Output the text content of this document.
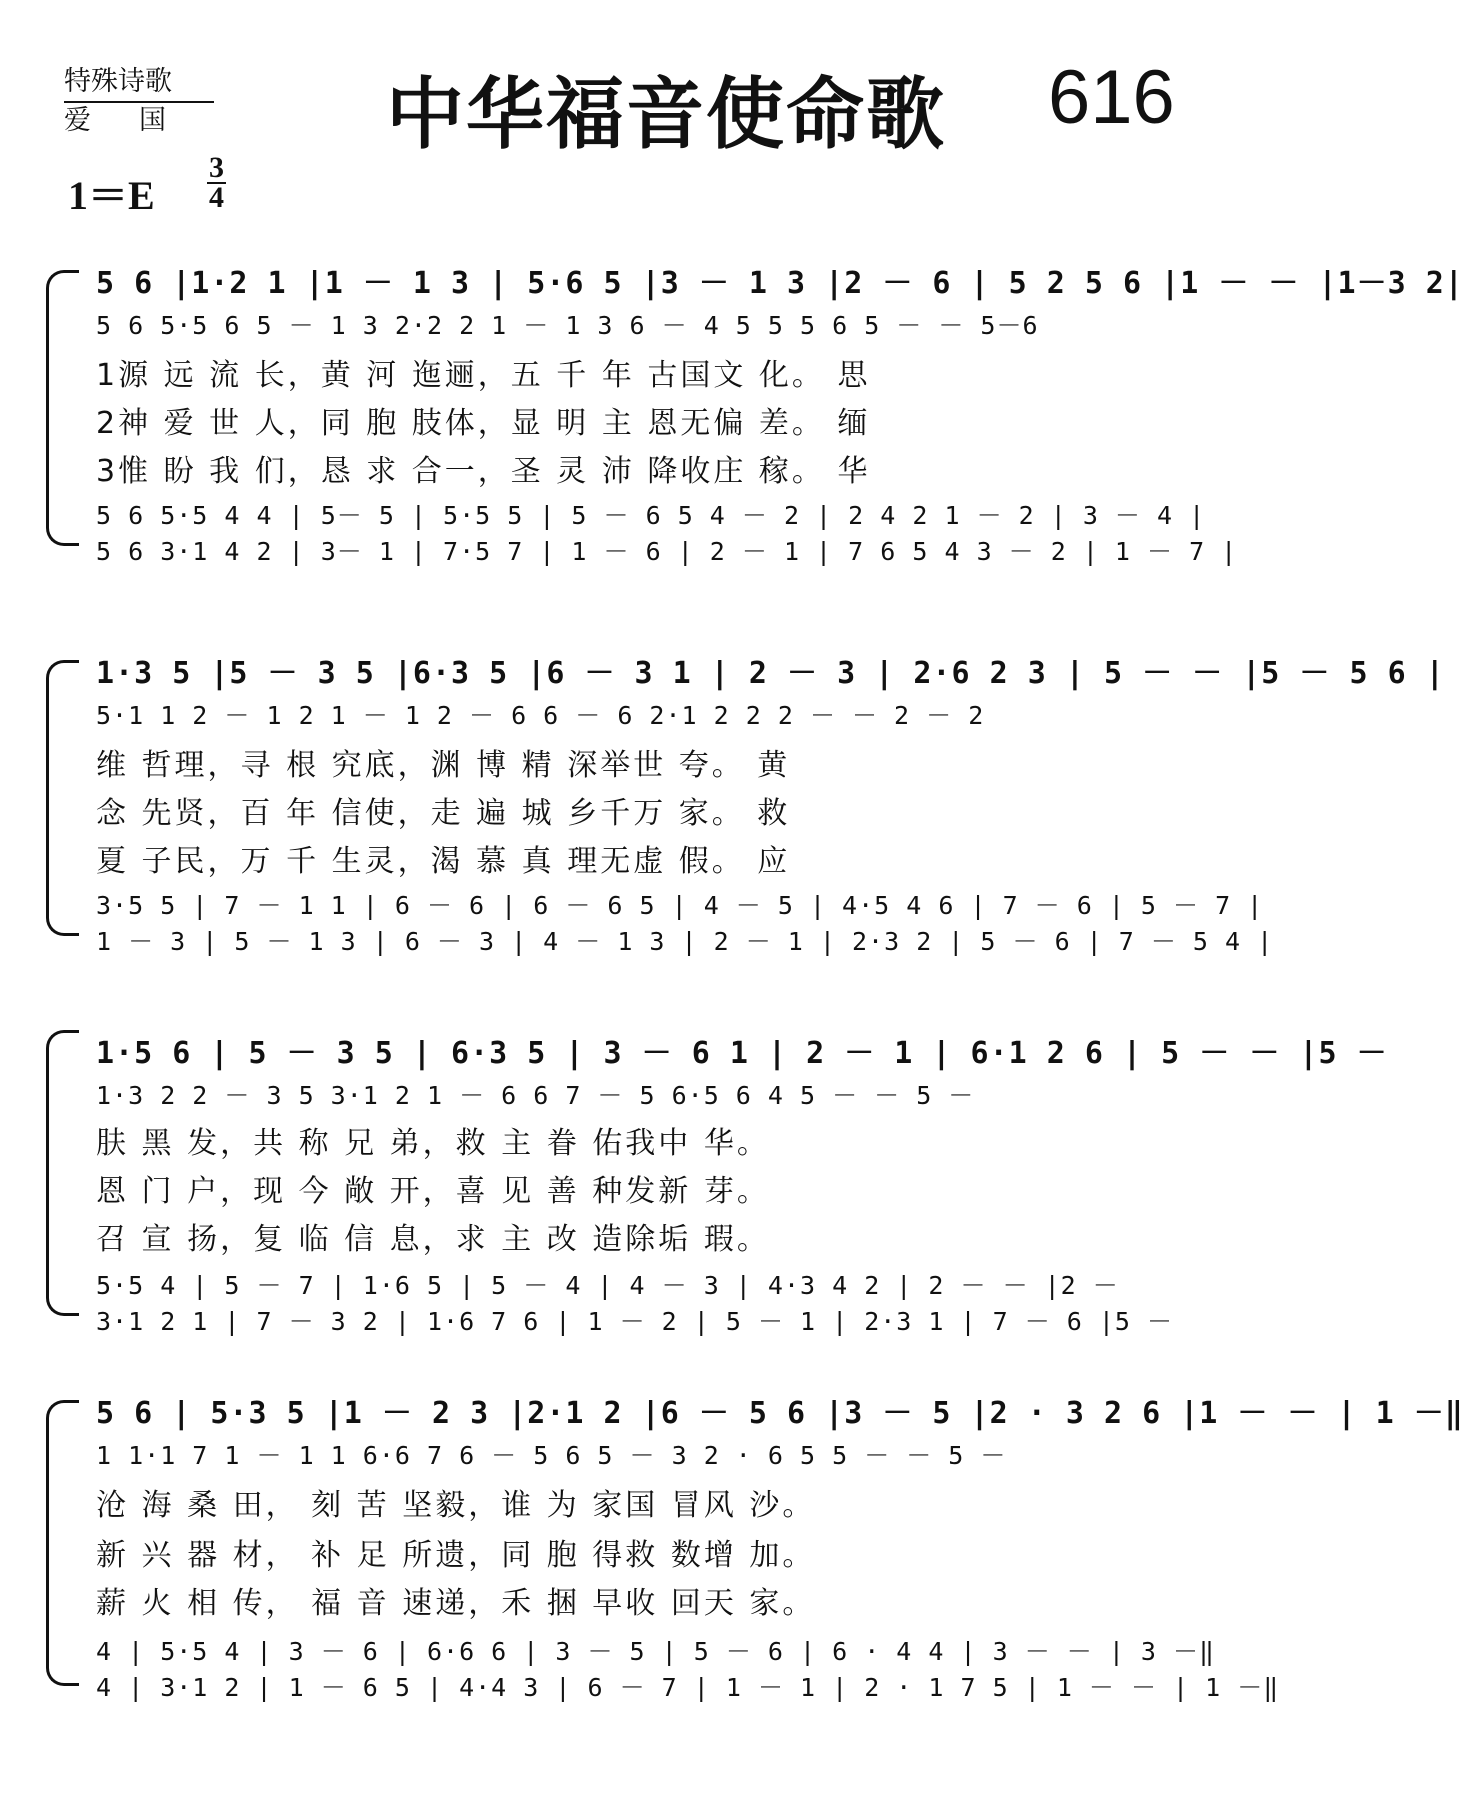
特殊诗歌
爱国 中华福音使命歌 616
1＝E
3
4
5 6 |1·2 1 |1 － 1 3 | 5·6 5 |3 － 1 3 |2 － 6 | 5 2 5 6 |1 － － |1－3 2|
5 6 5·5 6 5 － 1 3 2·2 2 1 － 1 3 6 － 4 5 5 5 6 5 － － 5－6
1源 远 流 长，黄 河 迤逦，五 千 年 古国文 化。 思
2神 爱 世 人，同 胞 肢体，显 明 主 恩无偏 差。 缅
3惟 盼 我 们，恳 求 合一，圣 灵 沛 降收庄 稼。 华
5 6 5·5 4 4 | 5－ 5 | 5·5 5 | 5 － 6 5 4 － 2 | 2 4 2 1 － 2 | 3 － 4 |
5 6 3·1 4 2 | 3－ 1 | 7·5 7 | 1 － 6 | 2 － 1 | 7 6 5 4 3 － 2 | 1 － 7 |
1·3 5 |5 － 3 5 |6·3 5 |6 － 3 1 | 2 － 3 | 2·6 2 3 | 5 － － |5 － 5 6 |
5·1 1 2 － 1 2 1 － 1 2 － 6 6 － 6 2·1 2 2 2 － － 2 － 2
维 哲理，寻 根 究底，渊 博 精 深举世 夸。 黄
念 先贤，百 年 信使，走 遍 城 乡千万 家。 救
夏 子民，万 千 生灵，渴 慕 真 理无虚 假。 应
3·5 5 | 7 － 1 1 | 6 － 6 | 6 － 6 5 | 4 － 5 | 4·5 4 6 | 7 － 6 | 5 － 7 |
1 － 3 | 5 － 1 3 | 6 － 3 | 4 － 1 3 | 2 － 1 | 2·3 2 | 5 － 6 | 7 － 5 4 |
1·5 6 | 5 － 3 5 | 6·3 5 | 3 － 6 1 | 2 － 1 | 6·1 2 6 | 5 － － |5 －
1·3 2 2 － 3 5 3·1 2 1 － 6 6 7 － 5 6·5 6 4 5 － － 5 －
肤 黑 发，共 称 兄 弟，救 主 眷 佑我中 华。
恩 门 户，现 今 敞 开，喜 见 善 种发新 芽。
召 宣 扬，复 临 信 息，求 主 改 造除垢 瑕。
5·5 4 | 5 － 7 | 1·6 5 | 5 － 4 | 4 － 3 | 4·3 4 2 | 2 － － |2 －
3·1 2 1 | 7 － 3 2 | 1·6 7 6 | 1 － 2 | 5 － 1 | 2·3 1 | 7 － 6 |5 －
5 6 | 5·3 5 |1 － 2 3 |2·1 2 |6 － 5 6 |3 － 5 |2 · 3 2 6 |1 － － | 1 －‖
1 1·1 7 1 － 1 1 6·6 7 6 － 5 6 5 － 3 2 · 6 5 5 － － 5 －
沧 海 桑 田， 刻 苦 坚毅，谁 为 家国 冒风 沙。
新 兴 器 材， 补 足 所遗，同 胞 得救 数增 加。
薪 火 相 传， 福 音 速递，禾 捆 早收 回天 家。
4 | 5·5 4 | 3 － 6 | 6·6 6 | 3 － 5 | 5 － 6 | 6 · 4 4 | 3 － － | 3 －‖
4 | 3·1 2 | 1 － 6 5 | 4·4 3 | 6 － 7 | 1 － 1 | 2 · 1 7 5 | 1 － － | 1 －‖
